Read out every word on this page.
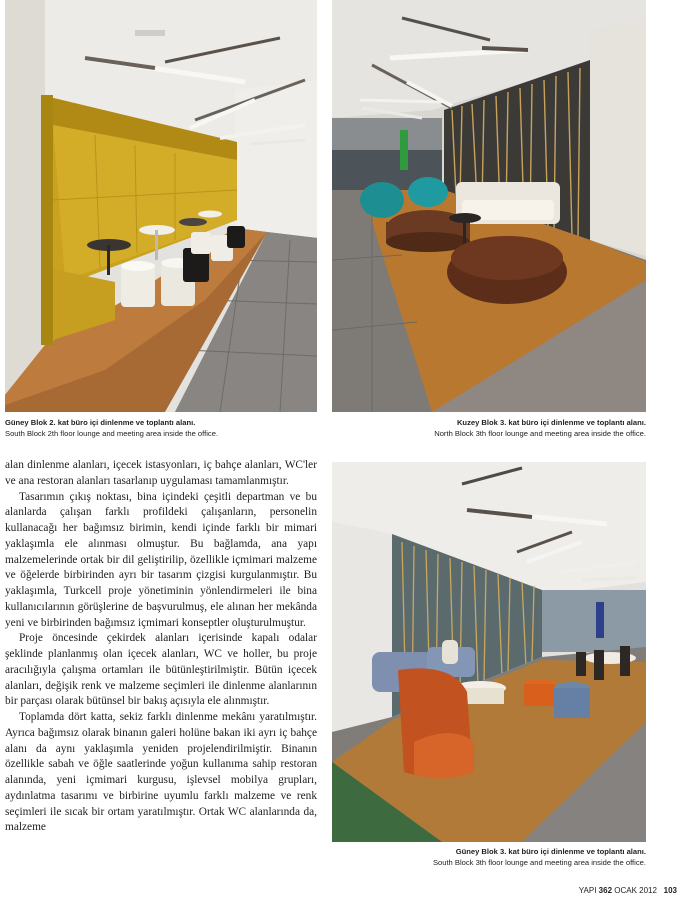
Güney Blok 2. kat büro içi dinlenme ve toplantı alanı.
South Block 2th floor lounge and meeting area inside the office.
Kuzey Blok 3. kat büro içi dinlenme ve toplantı alanı.
North Block 3th floor lounge and meeting area inside the office.
Güney Blok 3. kat büro içi dinlenme ve toplantı alanı.
South Block 3th floor lounge and meeting area inside the office.

alan dinlenme alanları, içecek istasyonları, iç bahçe alanları, WC'ler ve ana restoran alanları tasarlanıp uygulaması tamamlanmıştır.

Tasarımın çıkış noktası, bina içindeki çeşitli departman ve bu alanlarda çalışan farklı profildeki çalışanların, personelin kullanacağı her bağımsız birimin, kendi içinde farklı bir mimari yaklaşımla ele alınması olmuştur. Bu bağlamda, ana yapı malzemelerinde ortak bir dil geliştirilip, özellikle içmimari malzeme ve öğelerde birbirinden ayrı bir tasarım çizgisi kurgulanmıştır. Bu yaklaşımla, Turkcell proje yönetiminin yönlendirmeleri ile bina kullanıcılarının görüşlerine de başvurulmuş, ele alınan her mekânda yeni ve birbirinden bağımsız içmimari konseptler oluşturulmuştur.

Proje öncesinde çekirdek alanları içerisinde kapalı odalar şeklinde planlanmış olan içecek alanları, WC ve holler, bu proje aracılığıyla çalışma ortamları ile bütünleştirilmiştir. Bütün içecek alanları, değişik renk ve malzeme seçimleri ile dinlenme alanlarının bir parçası olarak bütünsel bir bakış açısıyla ele alınmıştır.

Toplamda dört katta, sekiz farklı dinlenme mekânı yaratılmıştır. Ayrıca bağımsız olarak binanın galeri holüne bakan iki ayrı iç bahçe alanı da aynı yaklaşımla yeniden projelendirilmiştir. Binanın özellikle sabah ve öğle saatlerinde yoğun kullanıma sahip restoran alanında, yeni içmimari kurgusu, işlevsel mobilya grupları, aydınlatma tasarımı ve birbirine uyumlu farklı malzeme ve renk seçimleri ile sıcak bir ortam yaratılmıştır. Ortak WC alanlarında da, malzeme

YAPI 362 OCAK 2012 103
